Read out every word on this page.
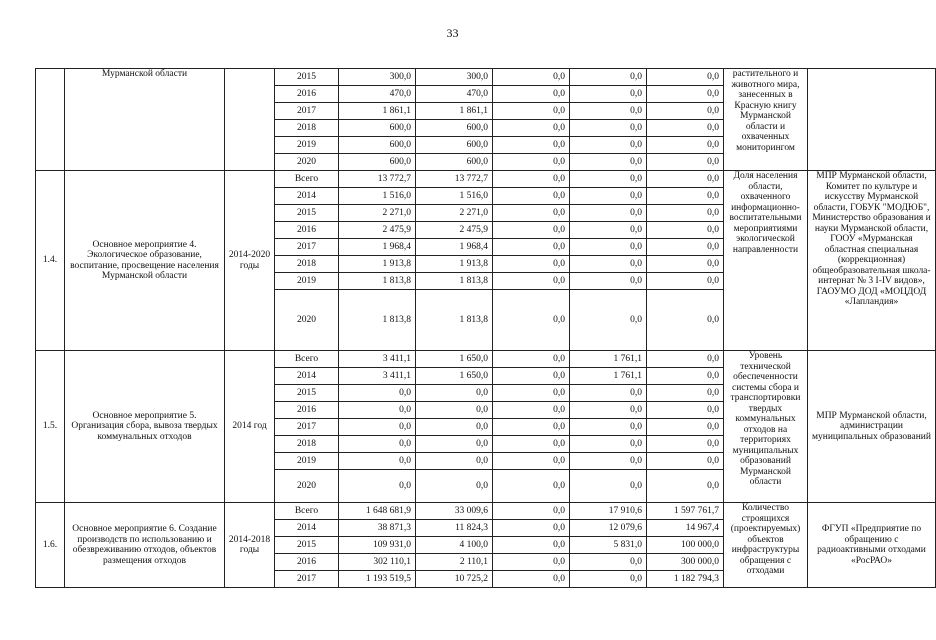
33
	Мурманской области		2015	300,0	300,0	0,0	0,0	0,0	растительного и животного мира, занесенных в Красную книгу Мурманской области и охваченных мониторингом	
			2016	470,0	470,0	0,0	0,0	0,0		
			2017	1 861,1	1 861,1	0,0	0,0	0,0		
			2018	600,0	600,0	0,0	0,0	0,0		
			2019	600,0	600,0	0,0	0,0	0,0		
			2020	600,0	600,0	0,0	0,0	0,0		
1.4.	Основное мероприятие 4. Экологическое образование, воспитание, просвещение населения Мурманской области	2014-2020 годы	Всего	13 772,7	13 772,7	0,0	0,0	0,0	Доля населения области, охваченного информационно-воспитательными мероприятиями экологической направленности	МПР Мурманской области, Комитет по культуре и искусству Мурманской области, ГОБУК "МОДЮБ", Министерство образования и науки Мурманской области, ГООУ «Мурманская областная специальная (коррекционная) общеобразовательная школа-интернат № 3 I-IV видов», ГАОУМО ДОД «МОЦДОД «Лапландия»
			2014	1 516,0	1 516,0	0,0	0,0	0,0		
			2015	2 271,0	2 271,0	0,0	0,0	0,0		
			2016	2 475,9	2 475,9	0,0	0,0	0,0		
			2017	1 968,4	1 968,4	0,0	0,0	0,0		
			2018	1 913,8	1 913,8	0,0	0,0	0,0		
			2019	1 813,8	1 813,8	0,0	0,0	0,0		
			2020	1 813,8	1 813,8	0,0	0,0	0,0		
1.5.	Основное мероприятие 5. Организация сбора, вывоза твердых коммунальных отходов	2014 год	Всего	3 411,1	1 650,0	0,0	1 761,1	0,0	Уровень технической обеспеченности системы сбора и транспортировки твердых коммунальных отходов на территориях муниципальных образований Мурманской области	МПР Мурманской области, администрации муниципальных образований
			2014	3 411,1	1 650,0	0,0	1 761,1	0,0		
			2015	0,0	0,0	0,0	0,0	0,0		
			2016	0,0	0,0	0,0	0,0	0,0		
			2017	0,0	0,0	0,0	0,0	0,0		
			2018	0,0	0,0	0,0	0,0	0,0		
			2019	0,0	0,0	0,0	0,0	0,0		
			2020	0,0	0,0	0,0	0,0	0,0		
1.6.	Основное мероприятие 6. Создание производств по использованию и обезвреживанию отходов, объектов размещения отходов	2014-2018 годы	Всего	1 648 681,9	33 009,6	0,0	17 910,6	1 597 761,7	Количество строящихся (проектируемых) объектов инфраструктуры обращения с отходами	ФГУП «Предприятие по обращению с радиоактивными отходами «РосРАО»
			2014	38 871,3	11 824,3	0,0	12 079,6	14 967,4		
			2015	109 931,0	4 100,0	0,0	5 831,0	100 000,0		
			2016	302 110,1	2 110,1	0,0	0,0	300 000,0		
			2017	1 193 519,5	10 725,2	0,0	0,0	1 182 794,3		
